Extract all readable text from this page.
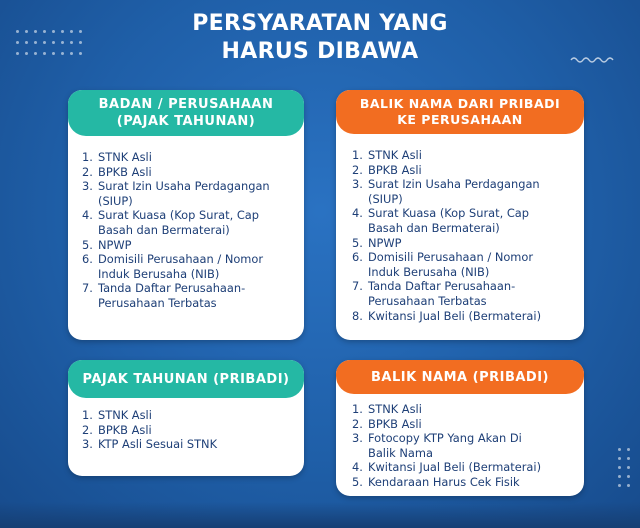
PERSYARATAN YANG
HARUS DIBAWA
BADAN / PERUSAHAAN
(PAJAK TAHUNAN)
1. STNK Asli
2. BPKB Asli
3. Surat Izin Usaha Perdagangan
(SIUP)
4. Surat Kuasa (Kop Surat, Cap
Basah dan Bermaterai)
5. NPWP
6. Domisili Perusahaan / Nomor
Induk Berusaha (NIB)
7. Tanda Daftar Perusahaan-
Perusahaan Terbatas
BALIK NAMA DARI PRIBADI
KE PERUSAHAAN
1. STNK Asli
2. BPKB Asli
3. Surat Izin Usaha Perdagangan
(SIUP)
4. Surat Kuasa (Kop Surat, Cap
Basah dan Bermaterai)
5. NPWP
6. Domisili Perusahaan / Nomor
Induk Berusaha (NIB)
7. Tanda Daftar Perusahaan-
Perusahaan Terbatas
8. Kwitansi Jual Beli (Bermaterai)
PAJAK TAHUNAN (PRIBADI)
1. STNK Asli
2. BPKB Asli
3. KTP Asli Sesuai STNK
BALIK NAMA (PRIBADI)
1. STNK Asli
2. BPKB Asli
3. Fotocopy KTP Yang Akan Di
Balik Nama
4. Kwitansi Jual Beli (Bermaterai)
5. Kendaraan Harus Cek Fisik
